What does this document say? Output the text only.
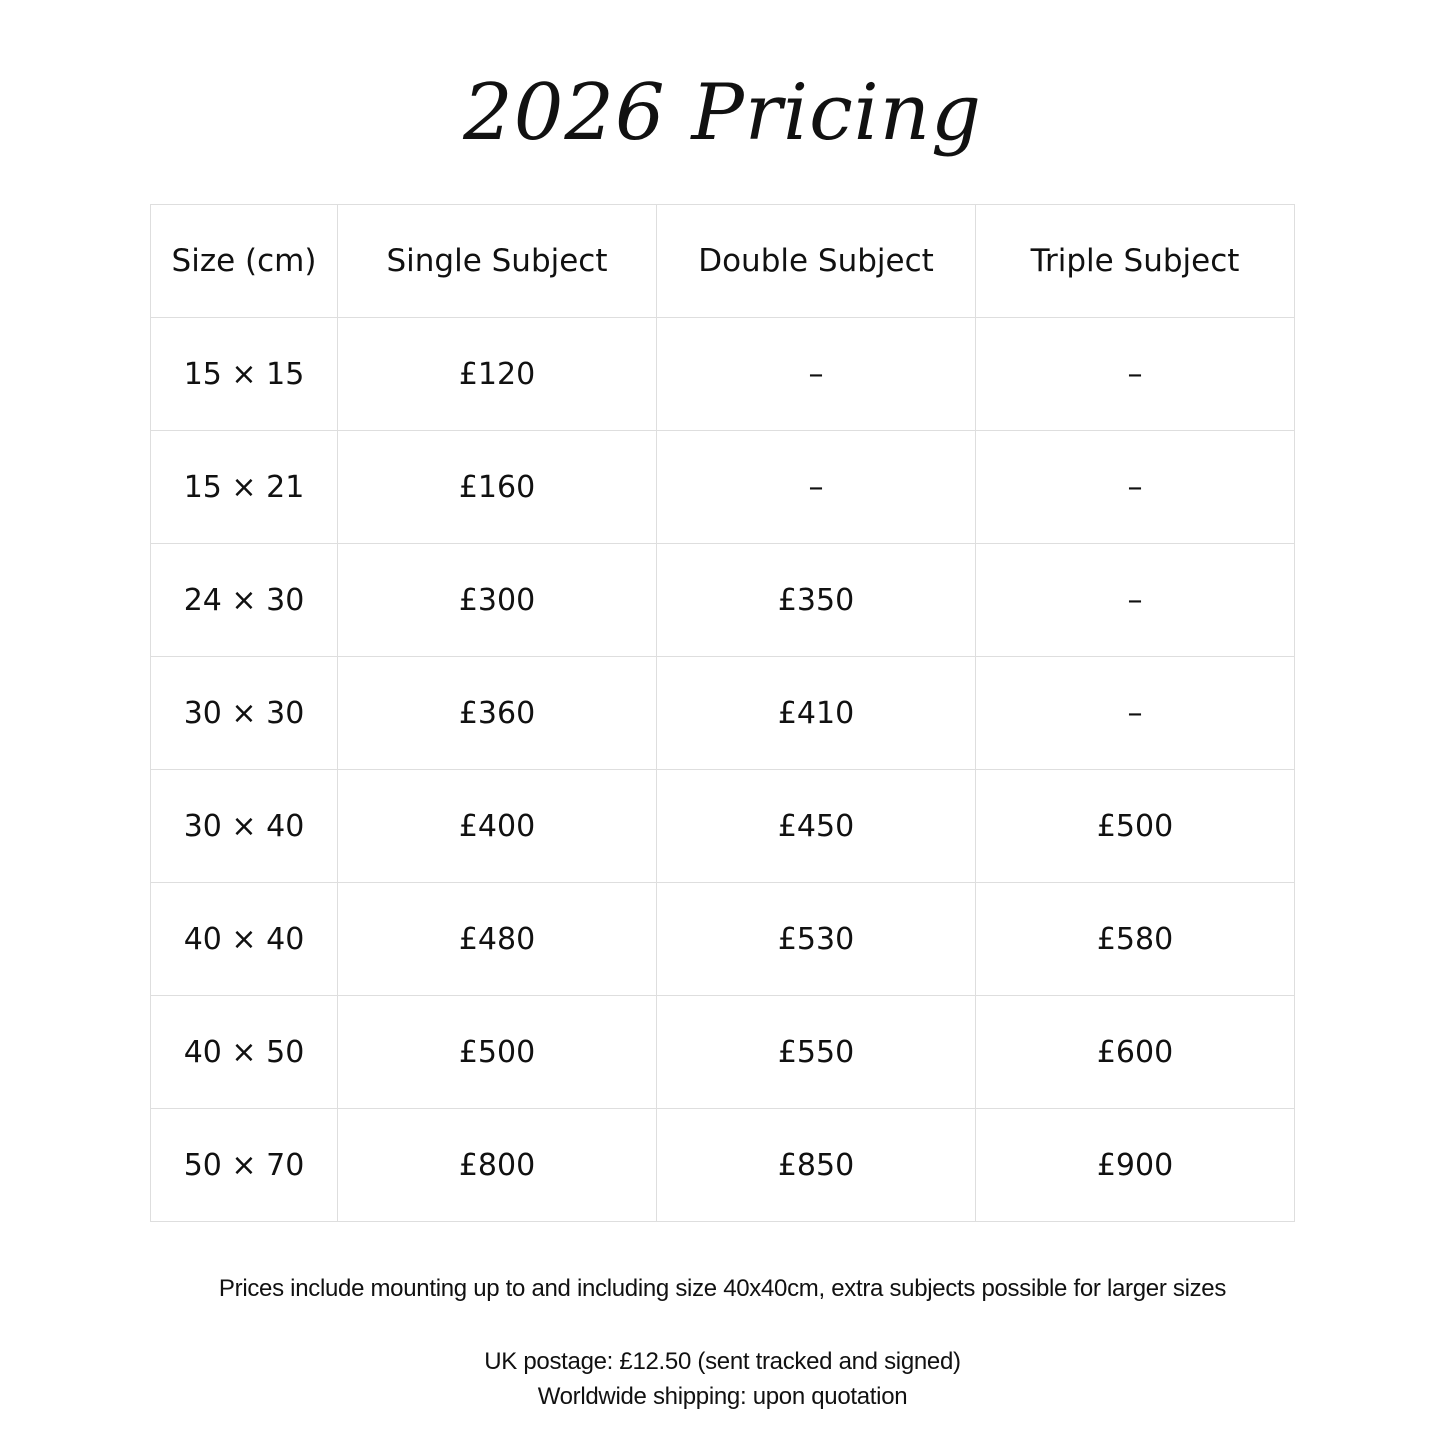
2026 Pricing
Size (cm)	Single Subject	Double Subject	Triple Subject
15 × 15	£120	–	–
15 × 21	£160	–	–
24 × 30	£300	£350	–
30 × 30	£360	£410	–
30 × 40	£400	£450	£500
40 × 40	£480	£530	£580
40 × 50	£500	£550	£600
50 × 70	£800	£850	£900
Prices include mounting up to and including size 40x40cm, extra subjects possible for larger sizes
UK postage: £12.50 (sent tracked and signed)
Worldwide shipping: upon quotation
